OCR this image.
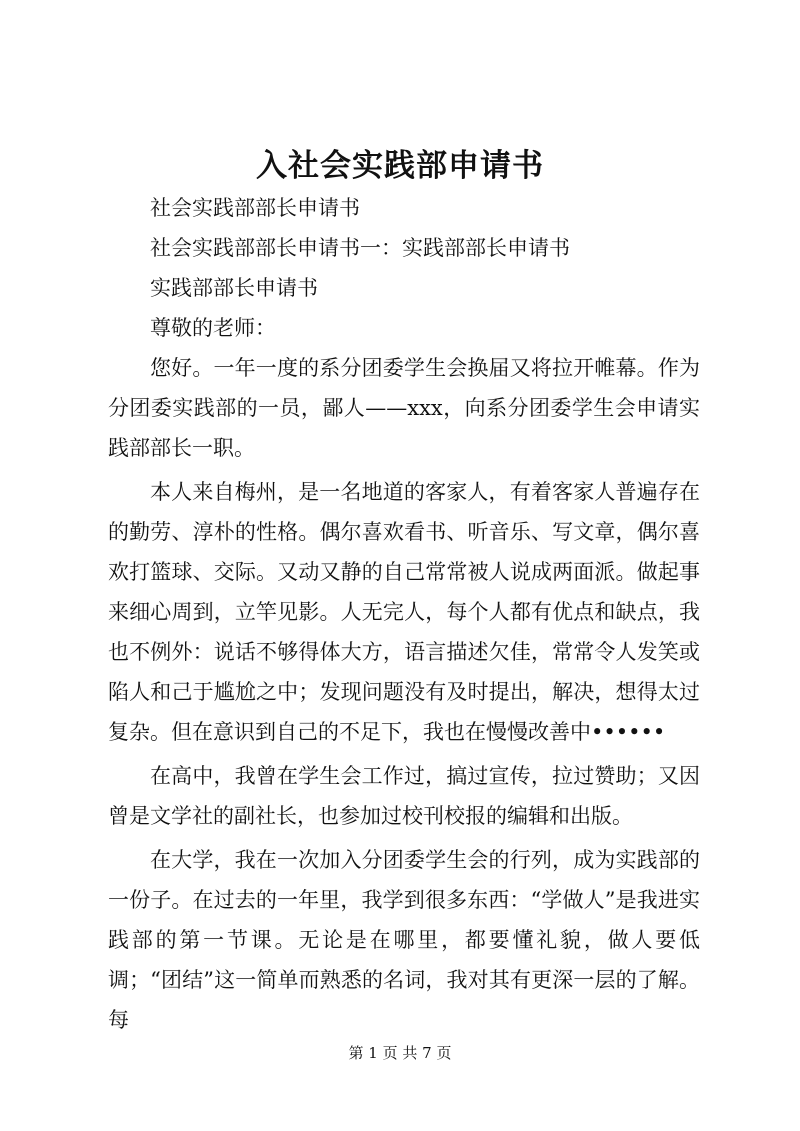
入社会实践部申请书

社会实践部部长申请书

社会实践部部长申请书一：实践部部长申请书

实践部部长申请书

尊敬的老师：

您好。一年一度的系分团委学生会换届又将拉开帷幕。作为分团委实践部的一员，鄙人——xxx，向系分团委学生会申请实践部部长一职。

本人来自梅州，是一名地道的客家人，有着客家人普遍存在的勤劳、淳朴的性格。偶尔喜欢看书、听音乐、写文章，偶尔喜欢打篮球、交际。又动又静的自己常常被人说成两面派。做起事来细心周到，立竿见影。人无完人，每个人都有优点和缺点，我也不例外：说话不够得体大方，语言描述欠佳，常常令人发笑或陷人和己于尴尬之中；发现问题没有及时提出，解决，想得太过复杂。但在意识到自己的不足下，我也在慢慢改善中••••••

在高中，我曾在学生会工作过，搞过宣传，拉过赞助；又因曾是文学社的副社长，也参加过校刊校报的编辑和出版。

在大学，我在一次加入分团委学生会的行列，成为实践部的一份子。在过去的一年里，我学到很多东西：“学做人”是我进实践部的第一节课。无论是在哪里，都要懂礼貌，做人要低调；“团结”这一简单而熟悉的名词，我对其有更深一层的了解。每

第 1 页 共 7 页
